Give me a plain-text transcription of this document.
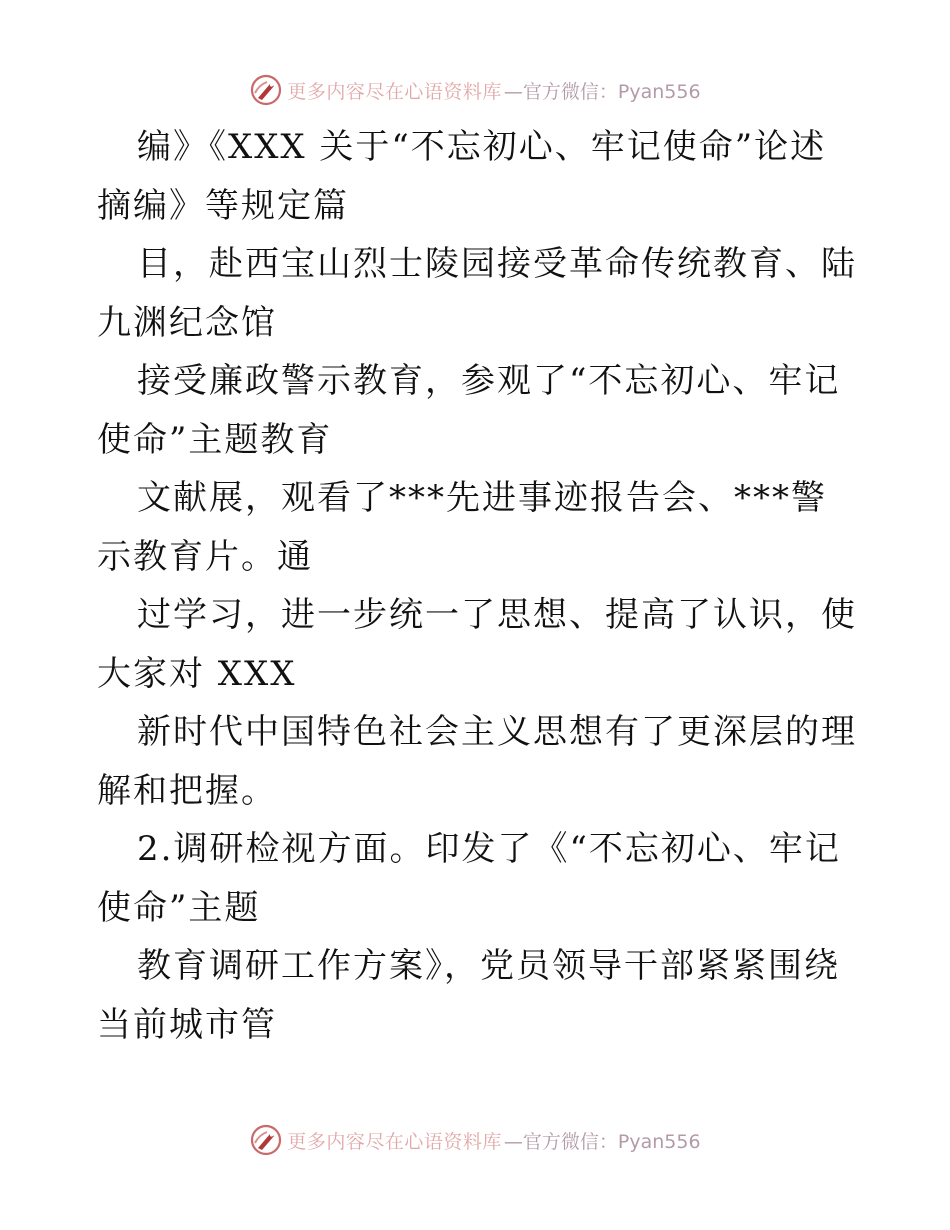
更多内容尽在心语资料库 —官方微信：Pyan556

编》《XXX 关于“不忘初心、牢记使命”论述摘编》等规定篇

目，赴西宝山烈士陵园接受革命传统教育、陆九渊纪念馆

接受廉政警示教育，参观了“不忘初心、牢记使命”主题教育

文献展，观看了***先进事迹报告会、***警示教育片。通

过学习，进一步统一了思想、提高了认识，使大家对 XXX

新时代中国特色社会主义思想有了更深层的理解和把握。

2.调研检视方面。印发了《“不忘初心、牢记使命”主题

教育调研工作方案》，党员领导干部紧紧围绕当前城市管

更多内容尽在心语资料库 —官方微信：Pyan556
